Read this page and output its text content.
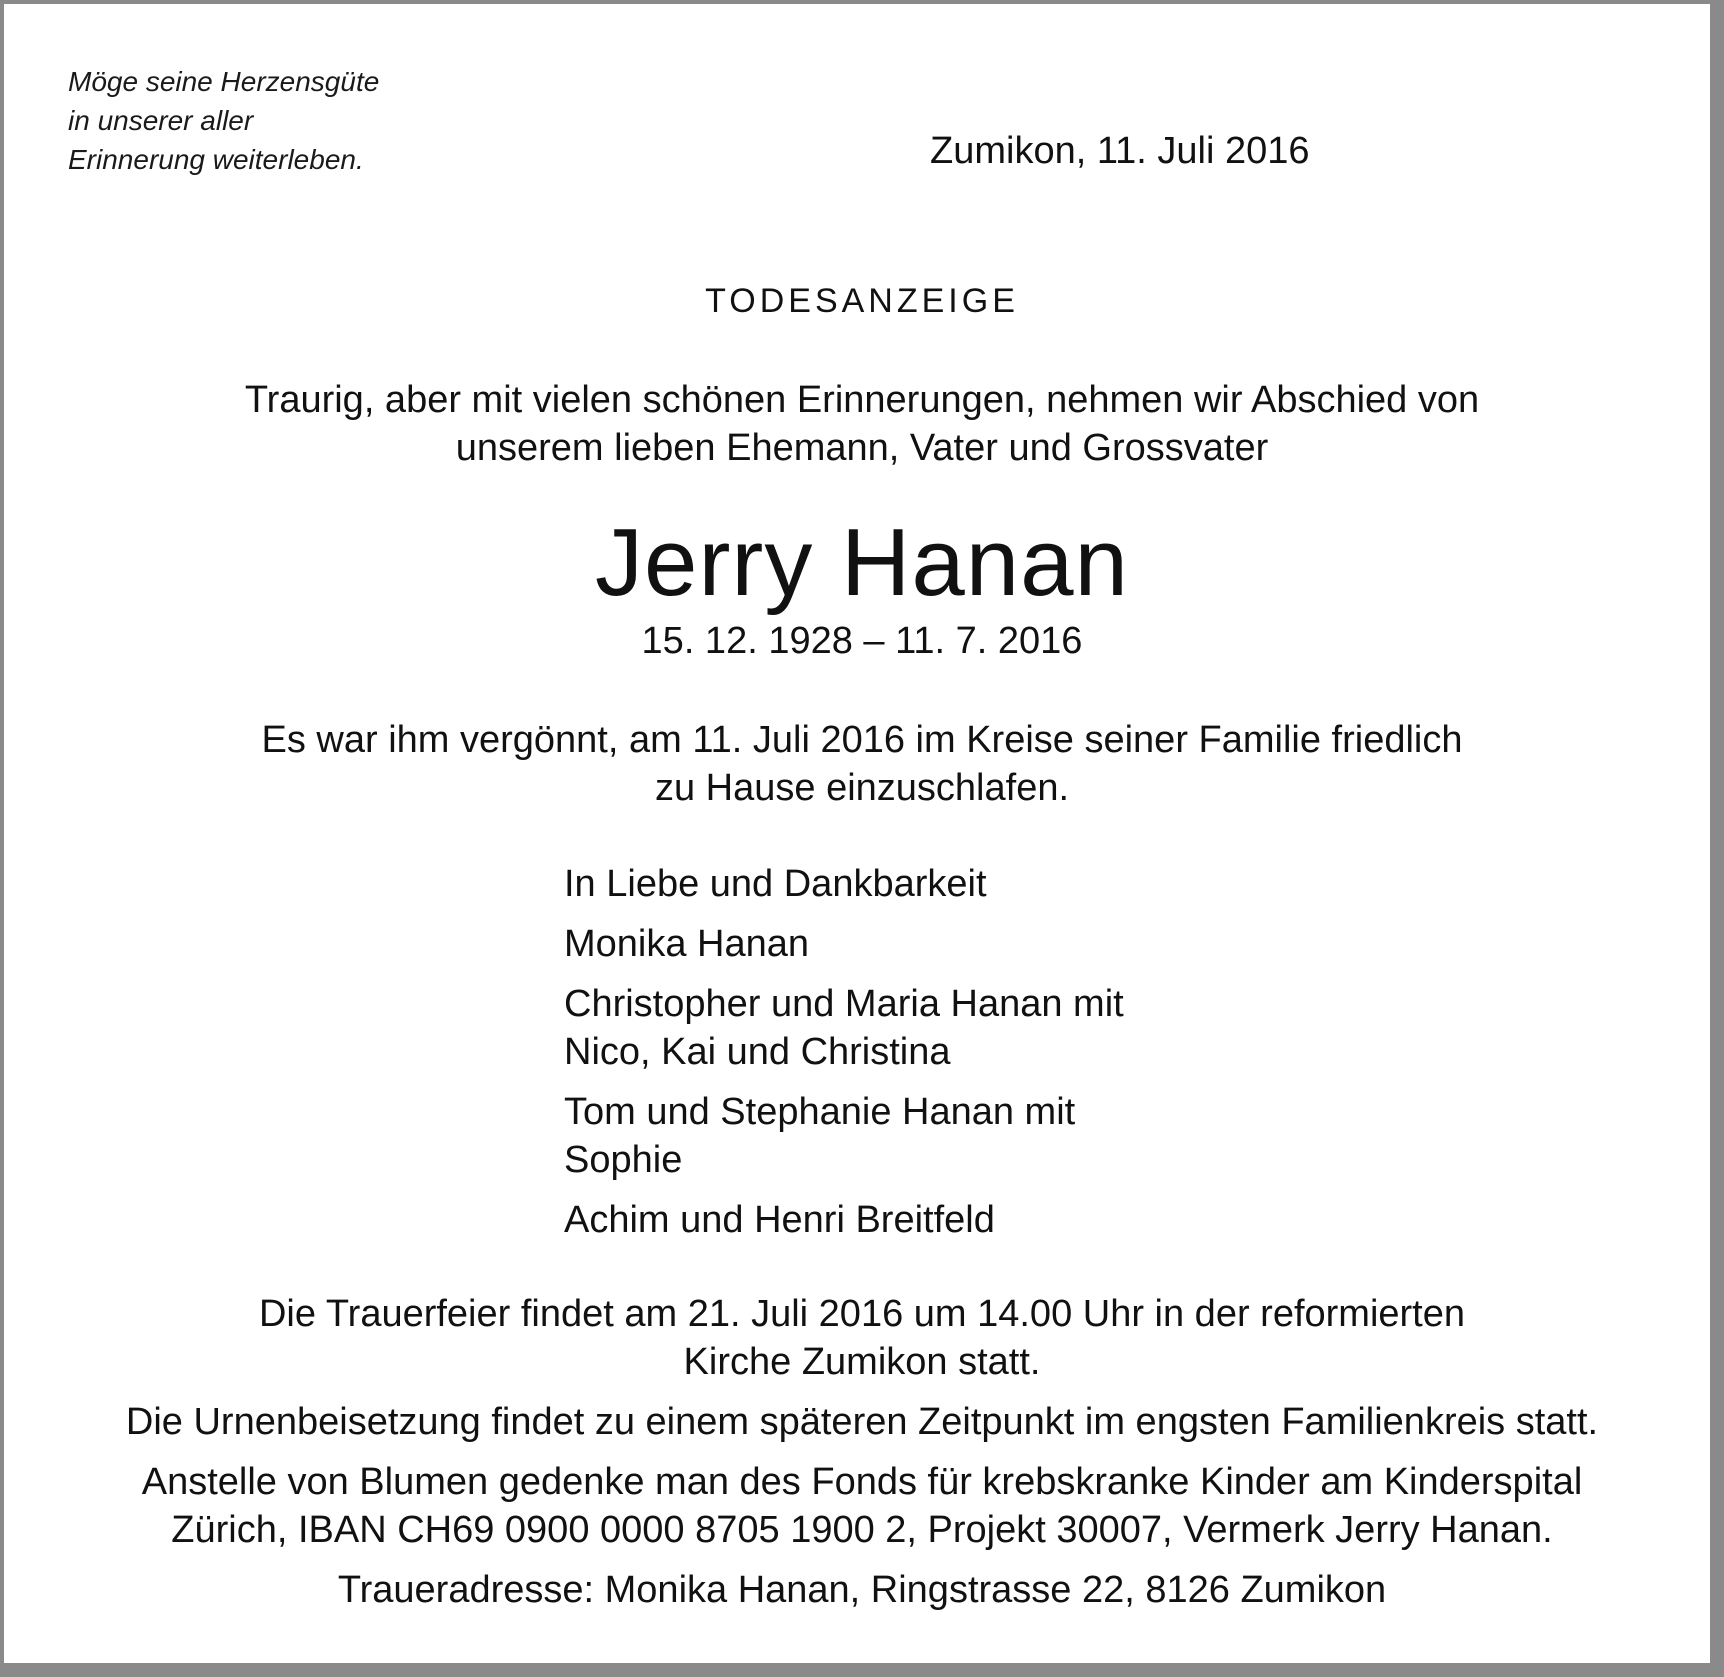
Möge seine Herzensgüte
in unserer aller
Erinnerung weiterleben.	Zumikon, 11. Juli 2016
TODESANZEIGE
Traurig, aber mit vielen schönen Erinnerungen, nehmen wir Abschied von
unserem lieben Ehemann, Vater und Grossvater
Jerry Hanan
15. 12. 1928 – 11. 7. 2016
Es war ihm vergönnt, am 11. Juli 2016 im Kreise seiner Familie friedlich
zu Hause einzuschlafen.
In Liebe und Dankbarkeit
Monika Hanan
Christopher und Maria Hanan mit
Nico, Kai und Christina
Tom und Stephanie Hanan mit
Sophie
Achim und Henri Breitfeld
Die Trauerfeier findet am 21. Juli 2016 um 14.00 Uhr in der reformierten
Kirche Zumikon statt.
Die Urnenbeisetzung findet zu einem späteren Zeitpunkt im engsten Familienkreis statt.
Anstelle von Blumen gedenke man des Fonds für krebskranke Kinder am Kinderspital
Zürich, IBAN CH69 0900 0000 8705 1900 2, Projekt 30007, Vermerk Jerry Hanan.
Traueradresse: Monika Hanan, Ringstrasse 22, 8126 Zumikon
